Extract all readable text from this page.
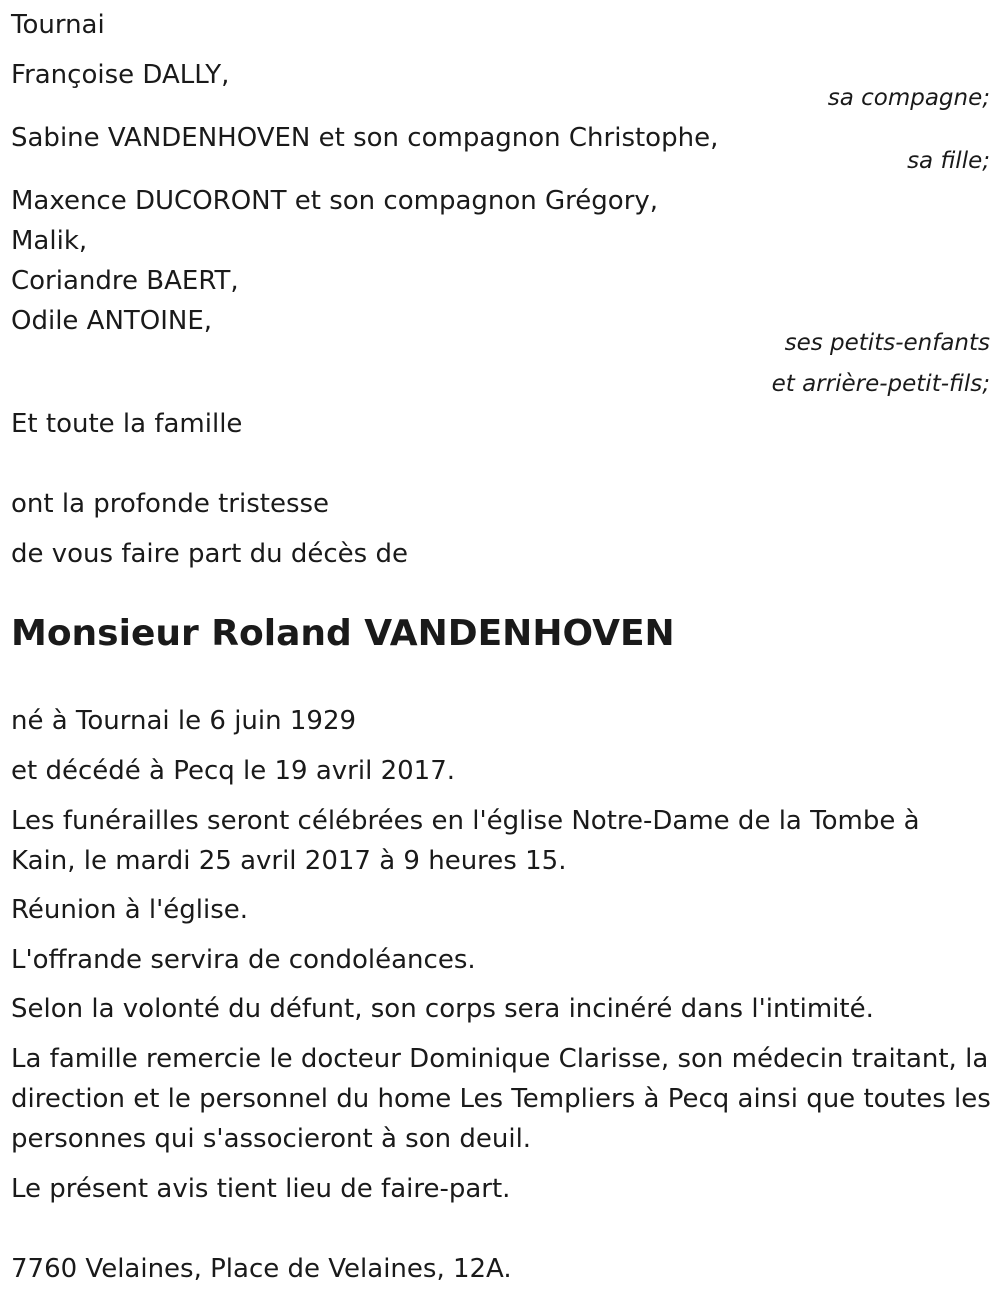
Tournai
Françoise DALLY,
sa compagne;
Sabine VANDENHOVEN et son compagnon Christophe,
sa fille;
Maxence DUCORONT et son compagnon Grégory,
Malik,
Coriandre BAERT,
Odile ANTOINE,
ses petits-enfants
et arrière-petit-fils;
Et toute la famille
ont la profonde tristesse
de vous faire part du décès de
Monsieur Roland VANDENHOVEN
né à Tournai le 6 juin 1929
et décédé à Pecq le 19 avril 2017.
Les funérailles seront célébrées en l'église Notre-Dame de la Tombe à Kain, le mardi 25 avril 2017 à 9 heures 15.
Réunion à l'église.
L'offrande servira de condoléances.
Selon la volonté du défunt, son corps sera incinéré dans l'intimité.
La famille remercie le docteur Dominique Clarisse, son médecin traitant, la direction et le personnel du home Les Templiers à Pecq ainsi que toutes les personnes qui s'associeront à son deuil.
Le présent avis tient lieu de faire-part.
7760 Velaines, Place de Velaines, 12A.
